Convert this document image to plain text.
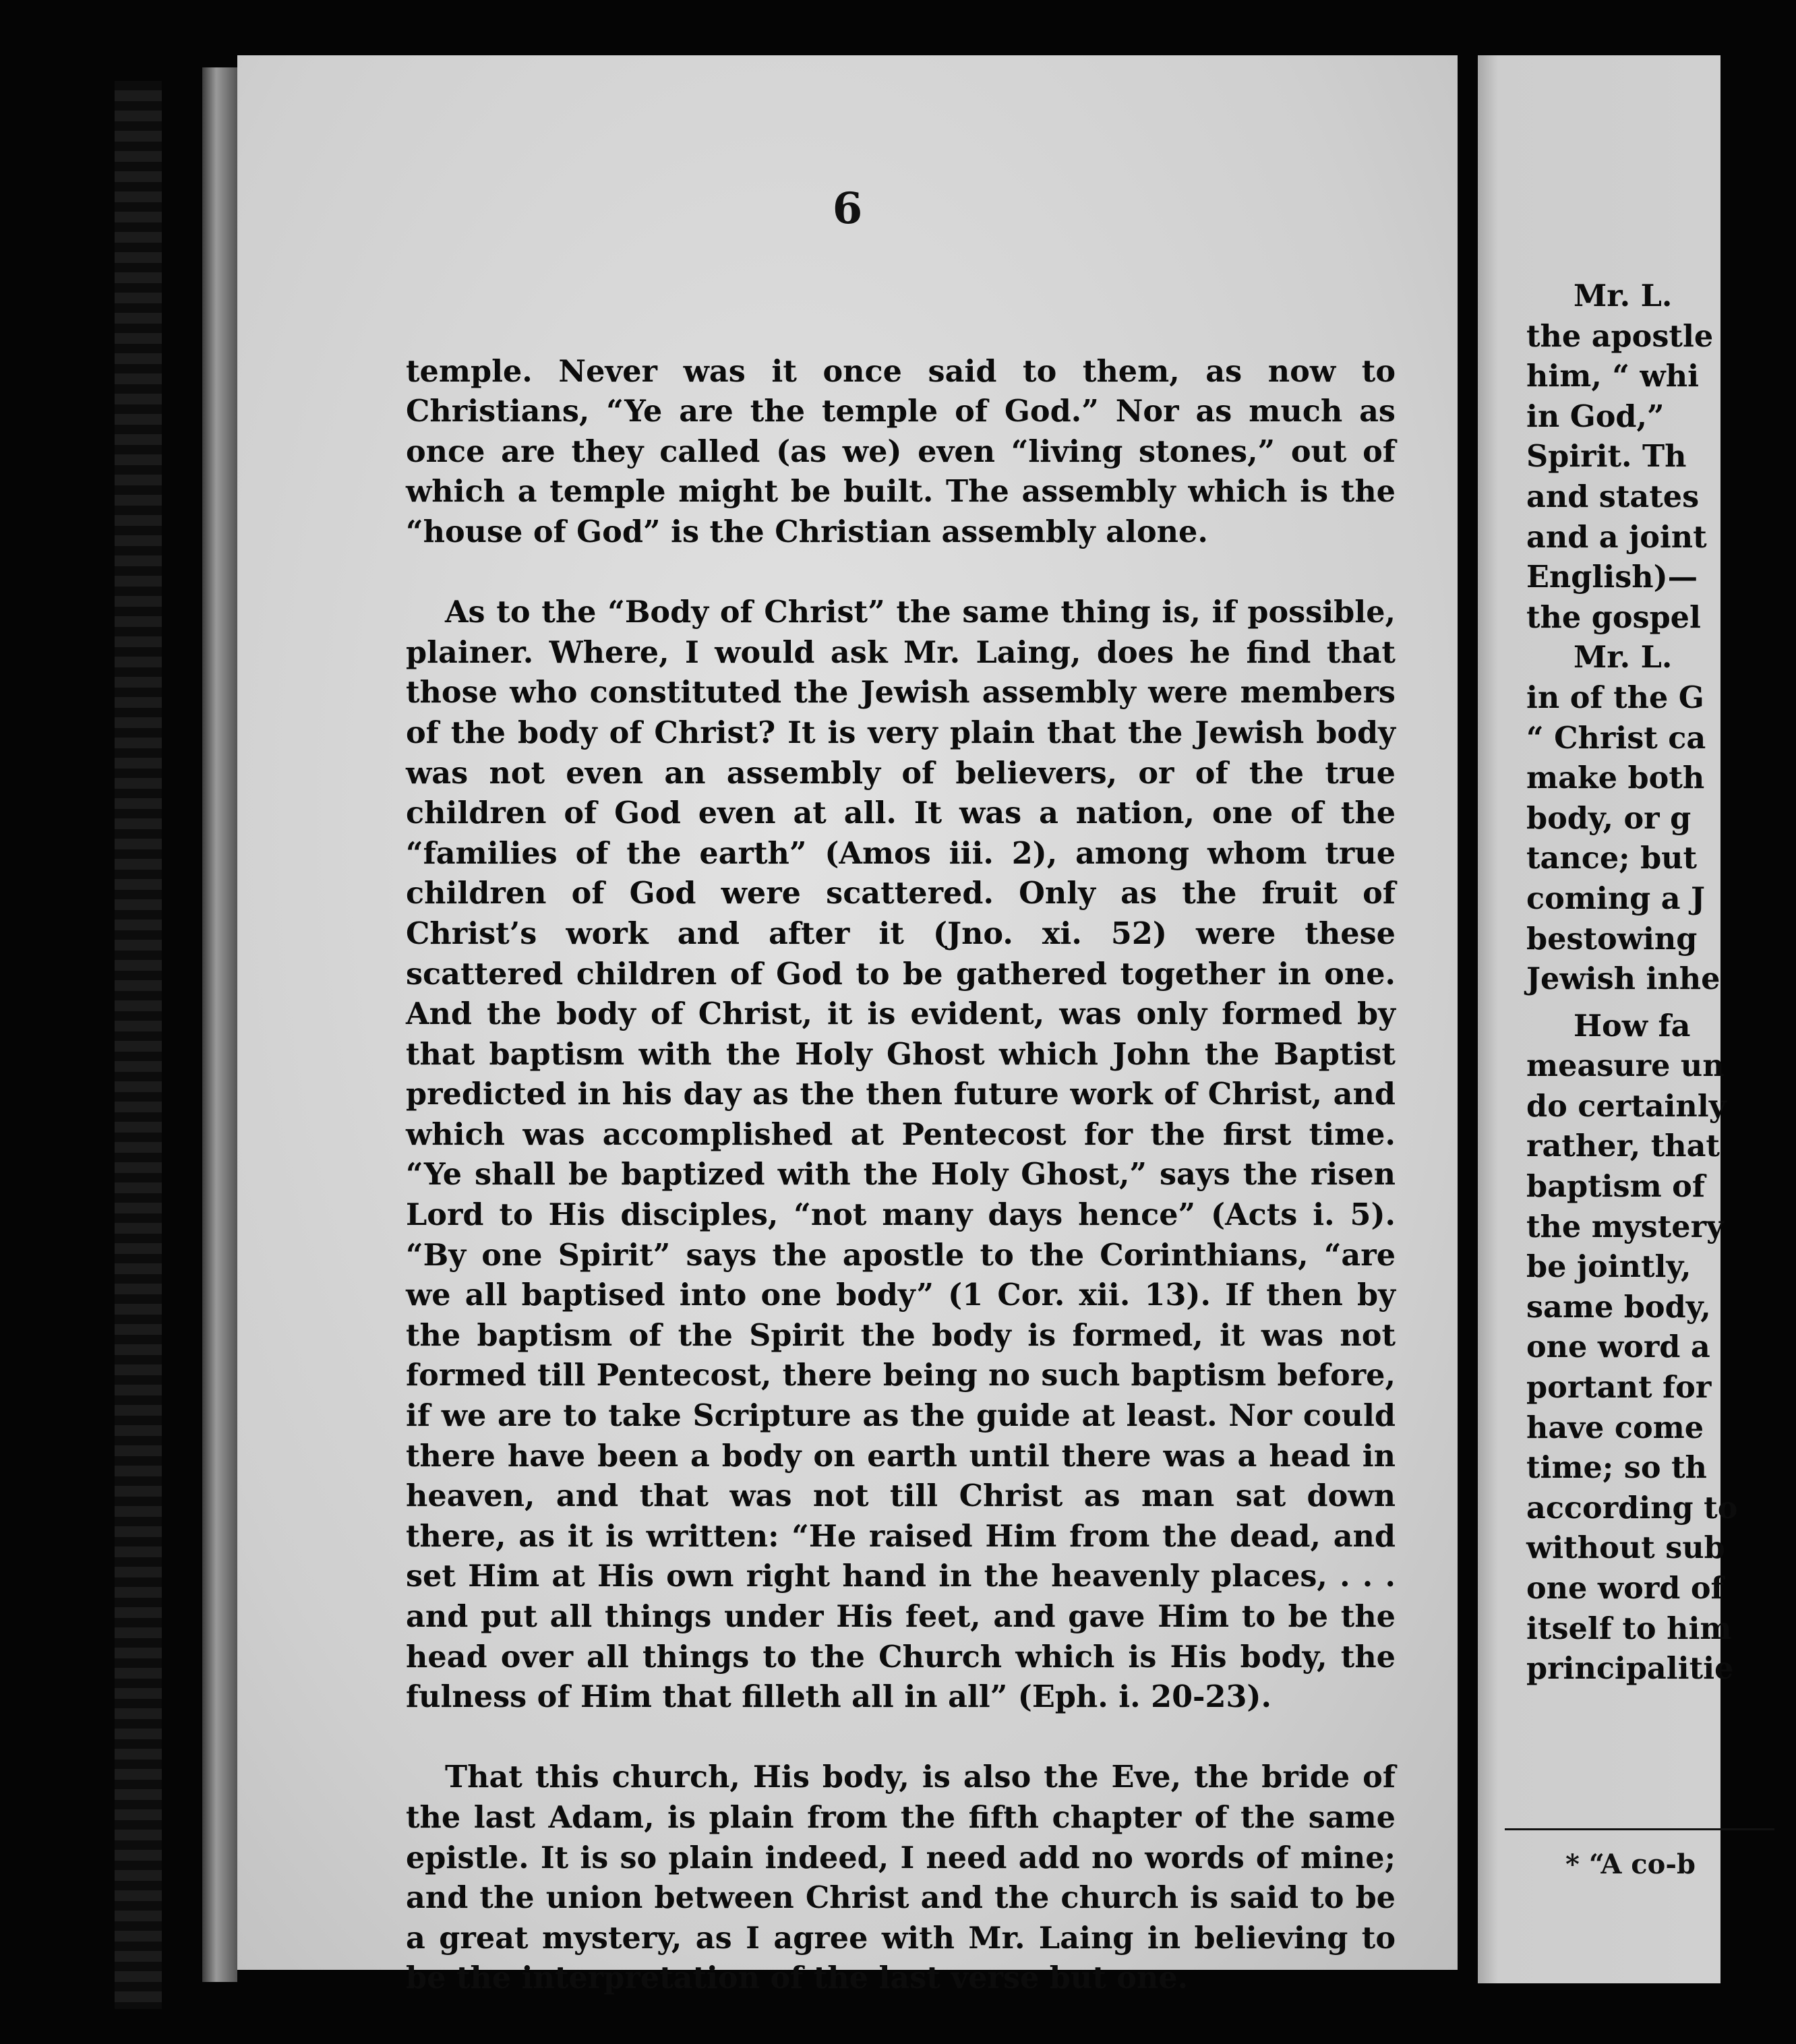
6

temple. Never was it once said to them, as now to Christians, “Ye are the temple of God.” Nor as much as once are they called (as we) even “living stones,” out of which a temple might be built. The assembly which is the “house of God” is the Christian assembly alone.

As to the “Body of Christ” the same thing is, if possible, plainer. Where, I would ask Mr. Laing, does he find that those who constituted the Jewish assembly were members of the body of Christ? It is very plain that the Jewish body was not even an assembly of believers, or of the true children of God even at all. It was a nation, one of the “families of the earth” (Amos iii. 2), among whom true children of God were scattered. Only as the fruit of Christ’s work and after it (Jno. xi. 52) were these scattered children of God to be gathered together in one. And the body of Christ, it is evident, was only formed by that baptism with the Holy Ghost which John the Baptist predicted in his day as the then future work of Christ, and which was accomplished at Pentecost for the first time. “Ye shall be baptized with the Holy Ghost,” says the risen Lord to His disciples, “not many days hence” (Acts i. 5). “By one Spirit” says the apostle to the Corinthians, “are we all baptised into one body” (1 Cor. xii. 13). If then by the baptism of the Spirit the body is formed, it was not formed till Pentecost, there being no such baptism before, if we are to take Scripture as the guide at least. Nor could there have been a body on earth until there was a head in heaven, and that was not till Christ as man sat down there, as it is written: “He raised Him from the dead, and set Him at His own right hand in the heavenly places, . . . and put all things under His feet, and gave Him to be the head over all things to the Church which is His body, the fulness of Him that filleth all in all” (Eph. i. 20-23).

That this church, His body, is also the Eve, the bride of the last Adam, is plain from the fifth chapter of the same epistle. It is so plain indeed, I need add no words of mine; and the union between Christ and the church is said to be a great mystery, as I agree with Mr. Laing in believing to be the interpretation of the last verse but one.

Mr. L.
the apostle
him, “ whi
in God,”
Spirit. Th
and states
and a joint
English)—
the gospel
Mr. L.
in of the G
“ Christ ca
make both
body, or g
tance; but
coming a J
bestowing
Jewish inhe
How fa
measure un
do certainly
rather, that
baptism of
the mystery
be jointly,
same body,
one word a
portant for
have come
time; so th
according to
without sub
one word of
itself to him
principalitie
* “A co-b
